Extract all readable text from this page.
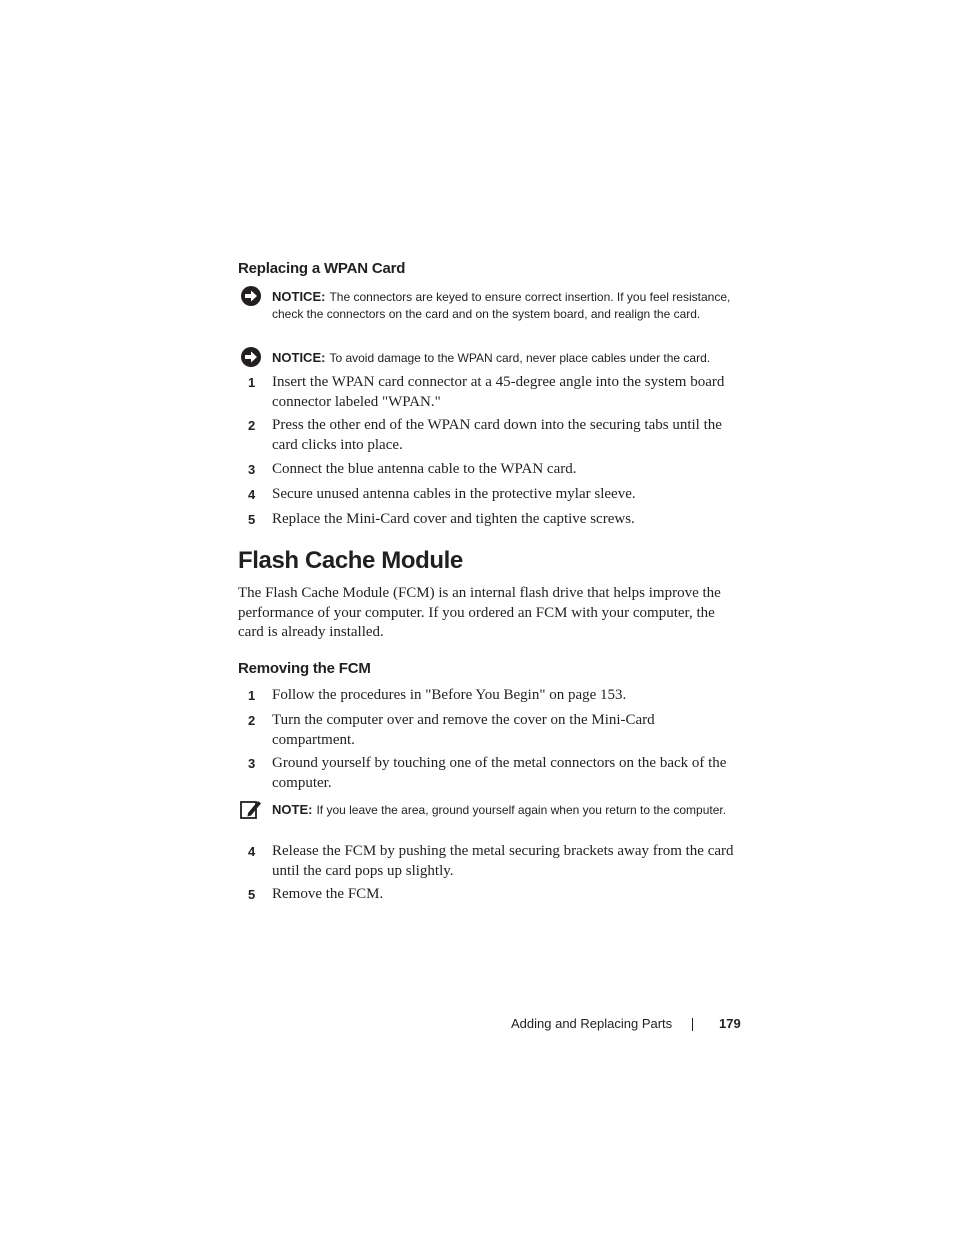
Replacing a WPAN Card
NOTICE: The connectors are keyed to ensure correct insertion. If you feel resistance, check the connectors on the card and on the system board, and realign the card.
NOTICE: To avoid damage to the WPAN card, never place cables under the card.
1 Insert the WPAN card connector at a 45-degree angle into the system board connector labeled "WPAN."
2 Press the other end of the WPAN card down into the securing tabs until the card clicks into place.
3 Connect the blue antenna cable to the WPAN card.
4 Secure unused antenna cables in the protective mylar sleeve.
5 Replace the Mini-Card cover and tighten the captive screws.
Flash Cache Module
The Flash Cache Module (FCM) is an internal flash drive that helps improve the performance of your computer. If you ordered an FCM with your computer, the card is already installed.
Removing the FCM
1 Follow the procedures in "Before You Begin" on page 153.
2 Turn the computer over and remove the cover on the Mini-Card compartment.
3 Ground yourself by touching one of the metal connectors on the back of the computer.
NOTE: If you leave the area, ground yourself again when you return to the computer.
4 Release the FCM by pushing the metal securing brackets away from the card until the card pops up slightly.
5 Remove the FCM.
Adding and Replacing Parts	179
